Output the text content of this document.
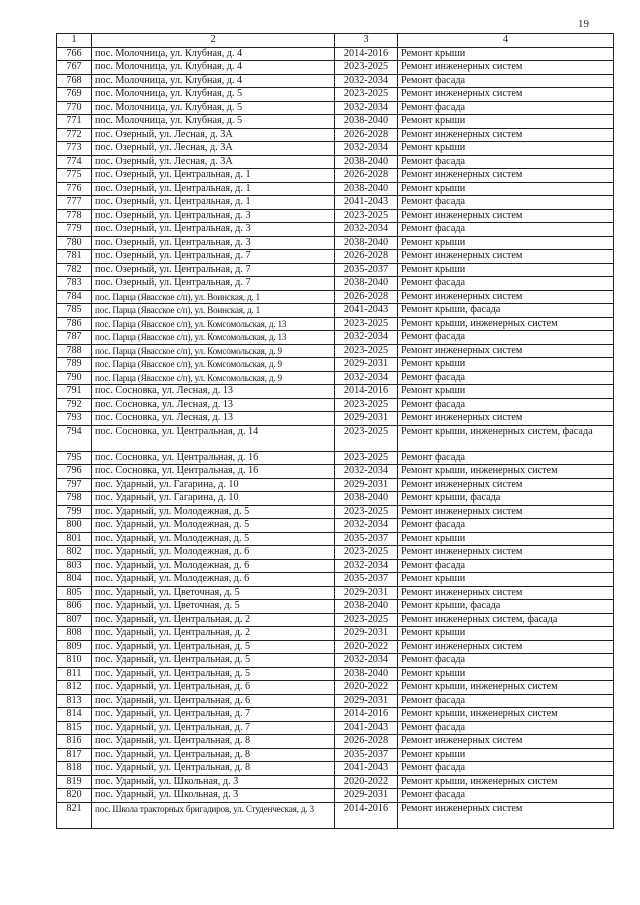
19
1	2	3	4
766	пос. Молочница, ул. Клубная, д. 4	2014-2016	Ремонт крыши
767	пос. Молочница, ул. Клубная, д. 4	2023-2025	Ремонт инженерных систем
768	пос. Молочница, ул. Клубная, д. 4	2032-2034	Ремонт фасада
769	пос. Молочница, ул. Клубная, д. 5	2023-2025	Ремонт инженерных систем
770	пос. Молочница, ул. Клубная, д. 5	2032-2034	Ремонт фасада
771	пос. Молочница, ул. Клубная, д. 5	2038-2040	Ремонт крыши
772	пос. Озерный, ул. Лесная, д. 3А	2026-2028	Ремонт инженерных систем
773	пос. Озерный, ул. Лесная, д. 3А	2032-2034	Ремонт крыши
774	пос. Озерный, ул. Лесная, д. 3А	2038-2040	Ремонт фасада
775	пос. Озерный, ул. Центральная, д. 1	2026-2028	Ремонт инженерных систем
776	пос. Озерный, ул. Центральная, д. 1	2038-2040	Ремонт крыши
777	пос. Озерный, ул. Центральная, д. 1	2041-2043	Ремонт фасада
778	пос. Озерный, ул. Центральная, д. 3	2023-2025	Ремонт инженерных систем
779	пос. Озерный, ул. Центральная, д. 3	2032-2034	Ремонт фасада
780	пос. Озерный, ул. Центральная, д. 3	2038-2040	Ремонт крыши
781	пос. Озерный, ул. Центральная, д. 7	2026-2028	Ремонт инженерных систем
782	пос. Озерный, ул. Центральная, д. 7	2035-2037	Ремонт крыши
783	пос. Озерный, ул. Центральная, д. 7	2038-2040	Ремонт фасада
784	пос. Парца (Явасское с/п), ул. Воинская, д. 1	2026-2028	Ремонт инженерных систем
785	пос. Парца (Явасское с/п), ул. Воинская, д. 1	2041-2043	Ремонт крыши, фасада
786	пос. Парца (Явасское с/п), ул. Комсомольская, д. 13	2023-2025	Ремонт крыши, инженерных систем
787	пос. Парца (Явасское с/п), ул. Комсомольская, д. 13	2032-2034	Ремонт фасада
788	пос. Парца (Явасское с/п), ул. Комсомольская, д. 9	2023-2025	Ремонт инженерных систем
789	пос. Парца (Явасское с/п), ул. Комсомольская, д. 9	2029-2031	Ремонт крыши
790	пос. Парца (Явасское с/п), ул. Комсомольская, д. 9	2032-2034	Ремонт фасада
791	пос. Сосновка, ул. Лесная, д. 13	2014-2016	Ремонт крыши
792	пос. Сосновка, ул. Лесная, д. 13	2023-2025	Ремонт фасада
793	пос. Сосновка, ул. Лесная, д. 13	2029-2031	Ремонт инженерных систем
794	пос. Сосновка, ул. Центральная, д. 14	2023-2025	Ремонт крыши, инженерных систем, фасада
795	пос. Сосновка, ул. Центральная, д. 16	2023-2025	Ремонт фасада
796	пос. Сосновка, ул. Центральная, д. 16	2032-2034	Ремонт крыши, инженерных систем
797	пос. Ударный, ул. Гагарина, д. 10	2029-2031	Ремонт инженерных систем
798	пос. Ударный, ул. Гагарина, д. 10	2038-2040	Ремонт крыши, фасада
799	пос. Ударный, ул. Молодежная, д. 5	2023-2025	Ремонт инженерных систем
800	пос. Ударный, ул. Молодежная, д. 5	2032-2034	Ремонт фасада
801	пос. Ударный, ул. Молодежная, д. 5	2035-2037	Ремонт крыши
802	пос. Ударный, ул. Молодежная, д. 6	2023-2025	Ремонт инженерных систем
803	пос. Ударный, ул. Молодежная, д. 6	2032-2034	Ремонт фасада
804	пос. Ударный, ул. Молодежная, д. 6	2035-2037	Ремонт крыши
805	пос. Ударный, ул. Цветочная, д. 5	2029-2031	Ремонт инженерных систем
806	пос. Ударный, ул. Цветочная, д. 5	2038-2040	Ремонт крыши, фасада
807	пос. Ударный, ул. Центральная, д. 2	2023-2025	Ремонт инженерных систем, фасада
808	пос. Ударный, ул. Центральная, д. 2	2029-2031	Ремонт крыши
809	пос. Ударный, ул. Центральная, д. 5	2020-2022	Ремонт инженерных систем
810	пос. Ударный, ул. Центральная, д. 5	2032-2034	Ремонт фасада
811	пос. Ударный, ул. Центральная, д. 5	2038-2040	Ремонт крыши
812	пос. Ударный, ул. Центральная, д. 6	2020-2022	Ремонт крыши, инженерных систем
813	пос. Ударный, ул. Центральная, д. 6	2029-2031	Ремонт фасада
814	пос. Ударный, ул. Центральная, д. 7	2014-2016	Ремонт крыши, инженерных систем
815	пос. Ударный, ул. Центральная, д. 7	2041-2043	Ремонт фасада
816	пос. Ударный, ул. Центральная, д. 8	2026-2028	Ремонт инженерных систем
817	пос. Ударный, ул. Центральная, д. 8	2035-2037	Ремонт крыши
818	пос. Ударный, ул. Центральная, д. 8	2041-2043	Ремонт фасада
819	пос. Ударный, ул. Школьная, д. 3	2020-2022	Ремонт крыши, инженерных систем
820	пос. Ударный, ул. Школьная, д. 3	2029-2031	Ремонт фасада
821	пос. Школа тракторных бригадиров, ул. Студенческая, д. 3	2014-2016	Ремонт инженерных систем
